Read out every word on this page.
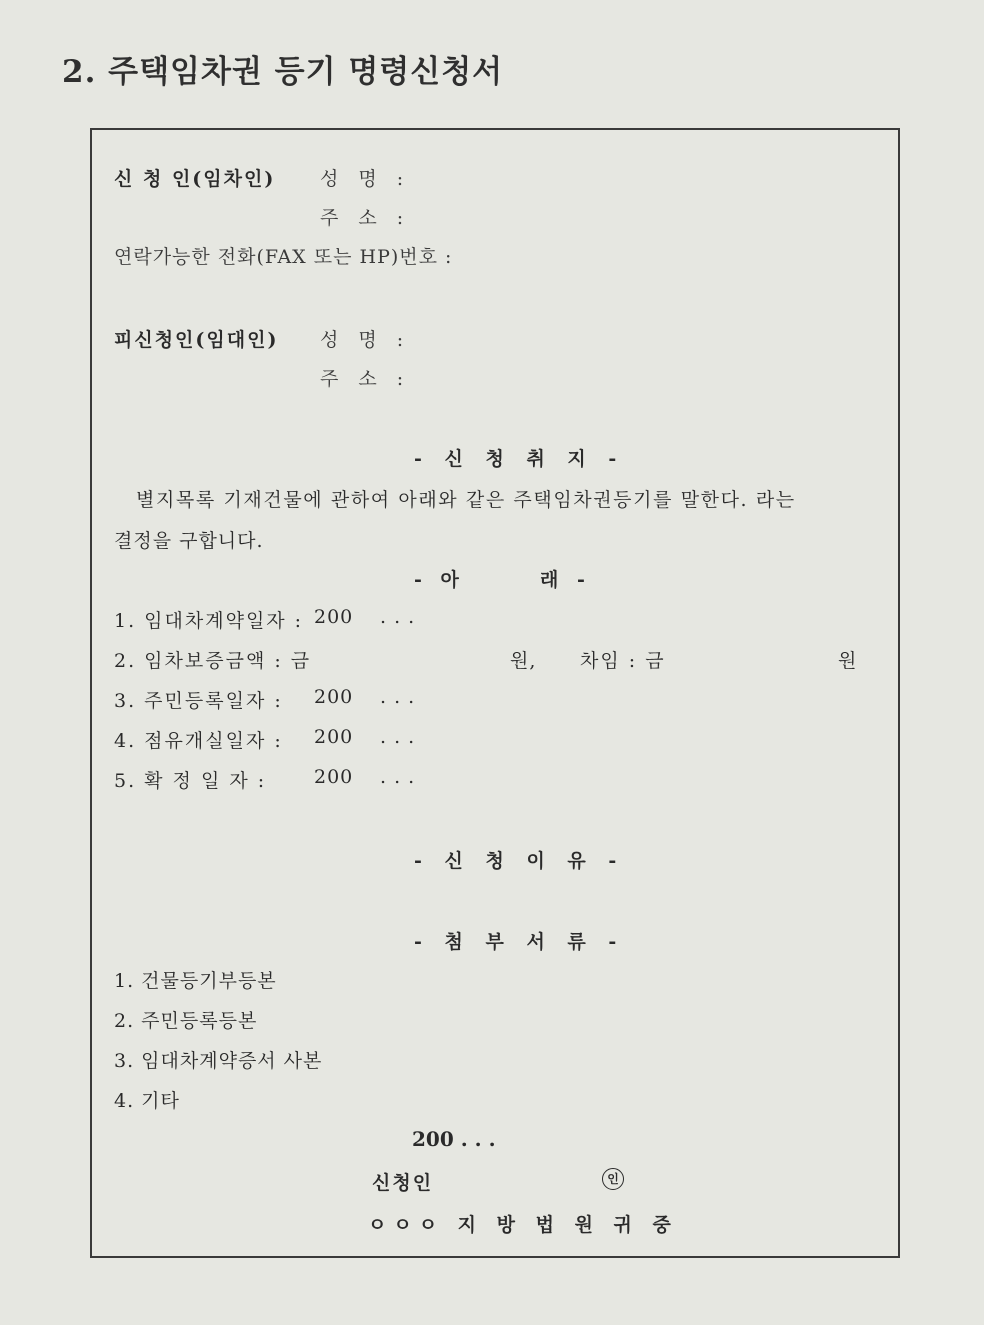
2. 주택임차권 등기 명령신청서
신 청 인(임차인) 성 명 :
주 소 :
연락가능한 전화(FAX 또는 HP)번호 :
피신청인(임대인) 성 명 :
주 소 :
- 신 청 취 지 -
별지목록 기재건물에 관하여 아래와 같은 주택임차권등기를 말한다. 라는
결정을 구합니다.
- 아	래 -
1. 임대차계약일자 : 200 . . .
2. 임차보증금액 : 금	원, 차임 : 금	원
3. 주민등록일자 : 200 . . .
4. 점유개실일자 : 200 . . .
5. 확 정 일 자 :	200 . . .
- 신 청 이 유 -
- 첨 부 서 류 -
1. 건물등기부등본
2. 주민등록등본
3. 임대차계약증서 사본
4. 기타
200 . . .
신청인	인
ㅇㅇㅇ 지 방 법 원 귀 중
